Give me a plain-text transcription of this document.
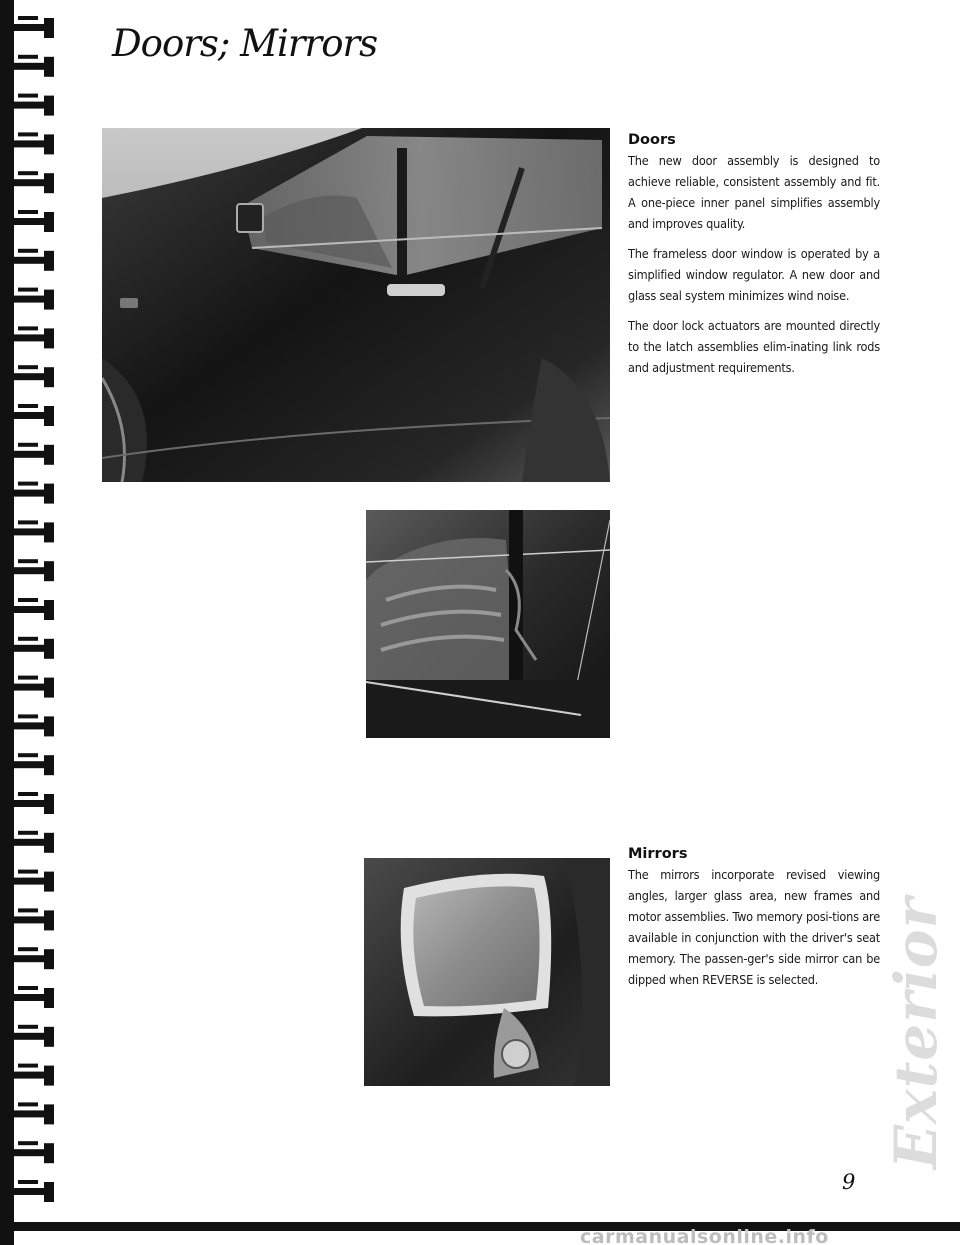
Doors; Mirrors
Doors

The new door assembly is designed to achieve reliable, consistent assembly and fit. A one-piece inner panel simplifies assembly and improves quality.

The frameless door window is operated by a simplified window regulator. A new door and glass seal system minimizes wind noise.

The door lock actuators are mounted directly to the latch assemblies elim-inating link rods and adjustment requirements.

Mirrors

The mirrors incorporate revised viewing angles, larger glass area, new frames and motor assemblies. Two memory posi-tions are available in conjunction with the driver's seat memory. The passen-ger's side mirror can be dipped when REVERSE is selected.	Exterior
9
carmanualsonline.info
